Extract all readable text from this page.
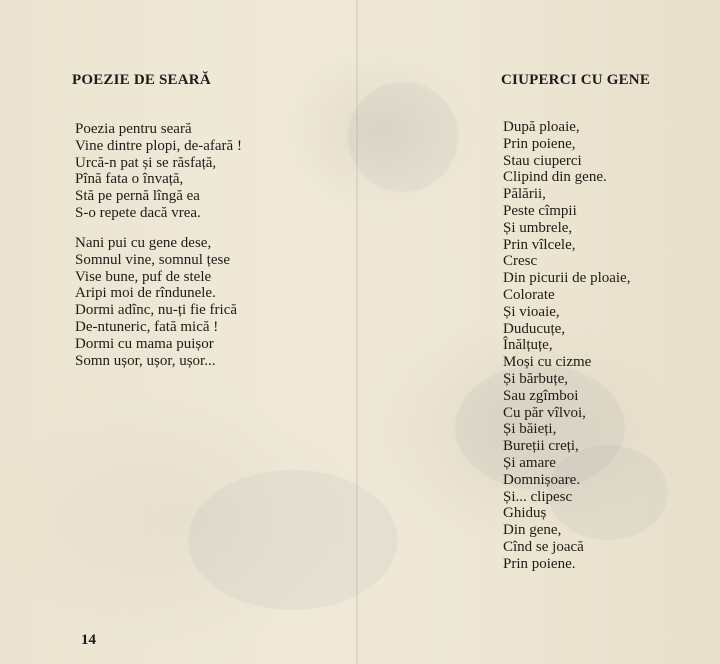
POEZIE DE SEARĂ
Poezia pentru seară
Vine dintre plopi, de-afară !
Urcă-n pat și se răsfață,
Pînă fata o învață,
Stă pe pernă lîngă ea
S-o repete dacă vrea.
Nani pui cu gene dese,
Somnul vine, somnul țese
Vise bune, puf de stele
Aripi moi de rîndunele.
Dormi adînc, nu-ți fie frică
De-ntuneric, fată mică !
Dormi cu mama puișor
Somn ușor, ușor, ușor...
CIUPERCI CU GENE
După ploaie,
Prin poiene,
Stau ciuperci
Clipind din gene.
Pălării,
Peste cîmpii
Și umbrele,
Prin vîlcele,
Cresc
Din picurii de ploaie,
Colorate
Și vioaie,
Duducuțe,
Înălțuțe,
Moși cu cizme
Și bărbuțe,
Sau zgîmboi
Cu păr vîlvoi,
Și băieți,
Bureții creți,
Și amare
Domnișoare.
Și... clipesc
Ghiduș
Din gene,
Cînd se joacă
Prin poiene.
14
